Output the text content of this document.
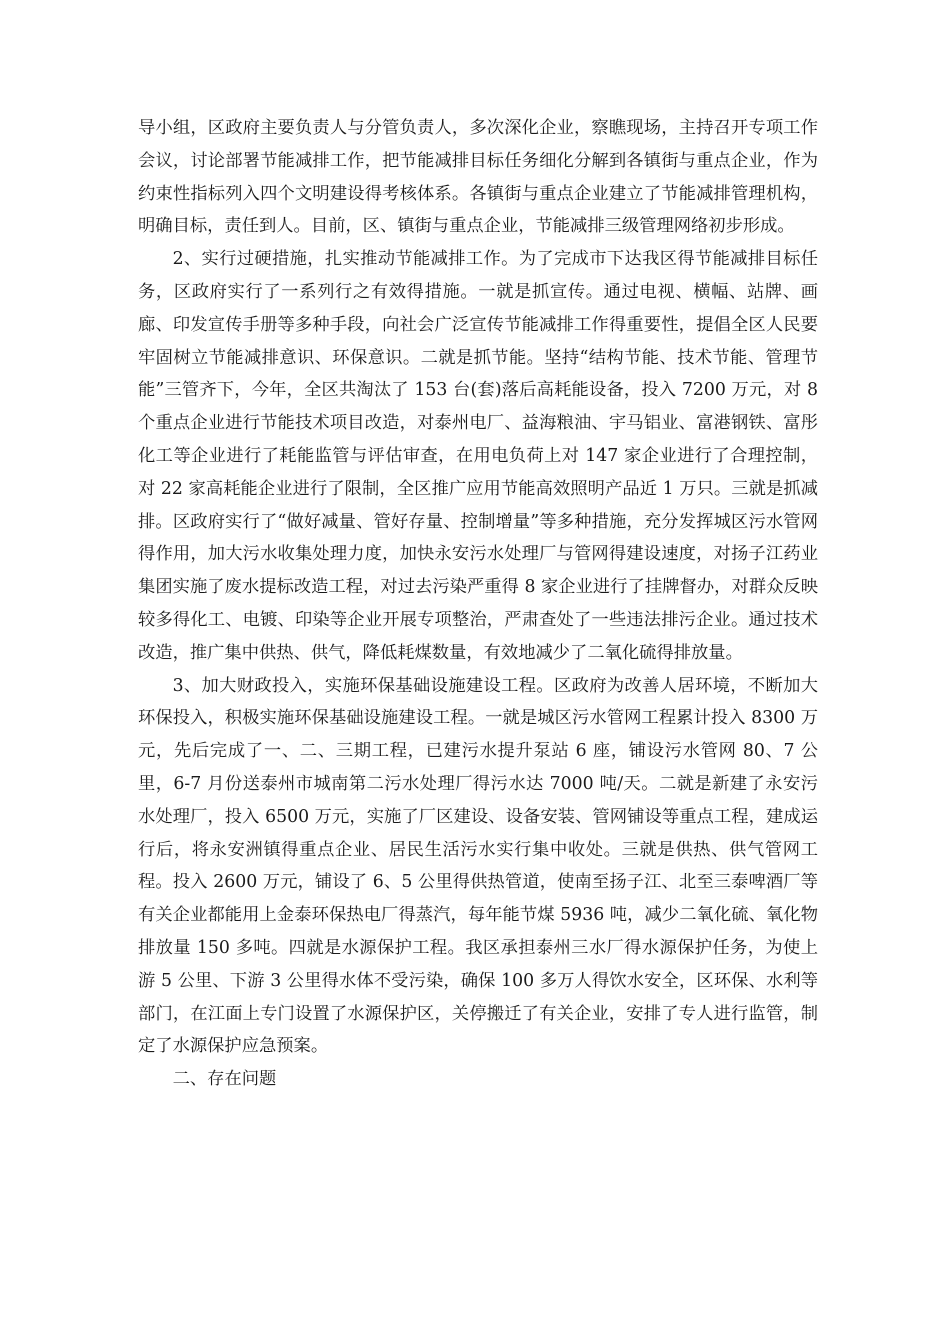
导小组，区政府主要负责人与分管负责人，多次深化企业，察瞧现场，主持召开专项工作会议，讨论部署节能减排工作，把节能减排目标任务细化分解到各镇街与重点企业，作为约束性指标列入四个文明建设得考核体系。各镇街与重点企业建立了节能减排管理机构，明确目标，责任到人。目前，区、镇街与重点企业，节能减排三级管理网络初步形成。

2、实行过硬措施，扎实推动节能减排工作。为了完成市下达我区得节能减排目标任务，区政府实行了一系列行之有效得措施。一就是抓宣传。通过电视、横幅、站牌、画廊、印发宣传手册等多种手段，向社会广泛宣传节能减排工作得重要性，提倡全区人民要牢固树立节能减排意识、环保意识。二就是抓节能。坚持“结构节能、技术节能、管理节能”三管齐下，今年，全区共淘汰了 153 台(套)落后高耗能设备，投入 7200 万元，对 8 个重点企业进行节能技术项目改造，对泰州电厂、益海粮油、宇马铝业、富港钢铁、富彤化工等企业进行了耗能监管与评估审查，在用电负荷上对 147 家企业进行了合理控制，对 22 家高耗能企业进行了限制，全区推广应用节能高效照明产品近 1 万只。三就是抓减排。区政府实行了“做好减量、管好存量、控制增量”等多种措施，充分发挥城区污水管网得作用，加大污水收集处理力度，加快永安污水处理厂与管网得建设速度，对扬子江药业集团实施了废水提标改造工程，对过去污染严重得 8 家企业进行了挂牌督办，对群众反映较多得化工、电镀、印染等企业开展专项整治，严肃查处了一些违法排污企业。通过技术改造，推广集中供热、供气，降低耗煤数量，有效地减少了二氧化硫得排放量。

3、加大财政投入，实施环保基础设施建设工程。区政府为改善人居环境，不断加大环保投入，积极实施环保基础设施建设工程。一就是城区污水管网工程累计投入 8300 万元，先后完成了一、二、三期工程，已建污水提升泵站 6 座，铺设污水管网 80、7 公里，6-7 月份送泰州市城南第二污水处理厂得污水达 7000 吨/天。二就是新建了永安污水处理厂，投入 6500 万元，实施了厂区建设、设备安装、管网铺设等重点工程，建成运行后，将永安洲镇得重点企业、居民生活污水实行集中收处。三就是供热、供气管网工程。投入 2600 万元，铺设了 6、5 公里得供热管道，使南至扬子江、北至三泰啤酒厂等有关企业都能用上金泰环保热电厂得蒸汽，每年能节煤 5936 吨，减少二氧化硫、氧化物排放量 150 多吨。四就是水源保护工程。我区承担泰州三水厂得水源保护任务，为使上游 5 公里、下游 3 公里得水体不受污染，确保 100 多万人得饮水安全，区环保、水利等部门，在江面上专门设置了水源保护区，关停搬迁了有关企业，安排了专人进行监管，制定了水源保护应急预案。

二、存在问题
